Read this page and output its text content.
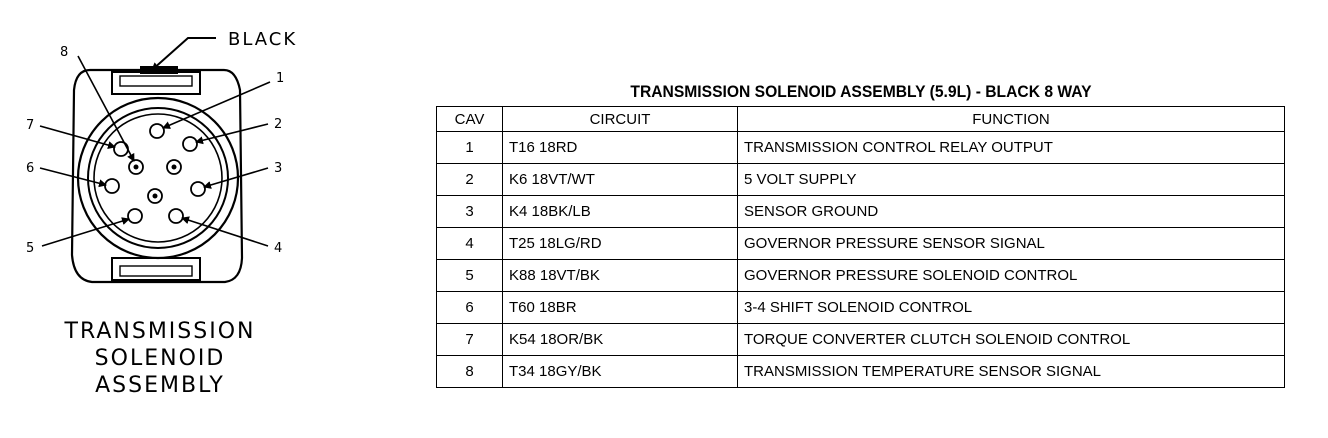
BLACK
8
1
2
3
4
5
6
7
TRANSMISSION
SOLENOID
ASSEMBLY
TRANSMISSION SOLENOID ASSEMBLY (5.9L) - BLACK 8 WAY
CAV	CIRCUIT	FUNCTION
1	T16 18RD	TRANSMISSION CONTROL RELAY OUTPUT
2	K6 18VT/WT	5 VOLT SUPPLY
3	K4 18BK/LB	SENSOR GROUND
4	T25 18LG/RD	GOVERNOR PRESSURE SENSOR SIGNAL
5	K88 18VT/BK	GOVERNOR PRESSURE SOLENOID CONTROL
6	T60 18BR	3-4 SHIFT SOLENOID CONTROL
7	K54 18OR/BK	TORQUE CONVERTER CLUTCH SOLENOID CONTROL
8	T34 18GY/BK	TRANSMISSION TEMPERATURE SENSOR SIGNAL
